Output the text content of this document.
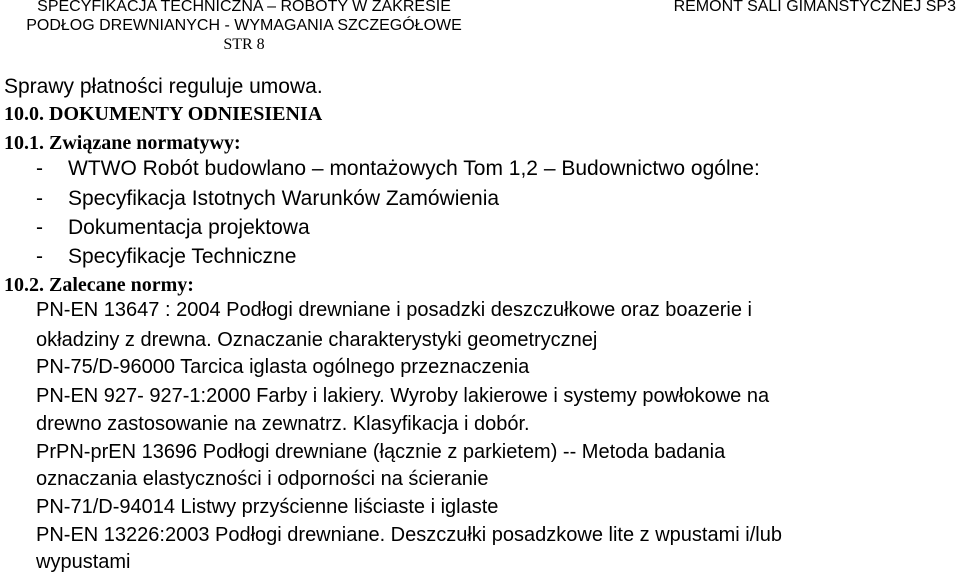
SPECYFIKACJA TECHNICZNA – ROBOTY W ZAKRESIE
PODŁOG DREWNIANYCH - WYMAGANIA SZCZEGÓŁOWE
STR 8
REMONT SALI GIMANSTYCZNEJ SP3
Sprawy płatności reguluje umowa.
10.0. DOKUMENTY ODNIESIENIA
10.1. Związane normatywy:
- WTWO Robót budowlano – montażowych Tom 1,2 – Budownictwo ogólne:
- Specyfikacja Istotnych Warunków Zamówienia
- Dokumentacja projektowa
- Specyfikacje Techniczne
10.2. Zalecane normy:
PN-EN 13647 : 2004 Podłogi drewniane i posadzki deszczułkowe oraz boazerie i
okładziny z drewna. Oznaczanie charakterystyki geometrycznej
PN-75/D-96000 Tarcica iglasta ogólnego przeznaczenia
PN-EN 927- 927-1:2000 Farby i lakiery. Wyroby lakierowe i systemy powłokowe na
drewno zastosowanie na zewnatrz. Klasyfikacja i dobór.
PrPN-prEN 13696 Podłogi drewniane (łącznie z parkietem) -- Metoda badania
oznaczania elastyczności i odporności na ścieranie
PN-71/D-94014 Listwy przyścienne liściaste i iglaste
PN-EN 13226:2003 Podłogi drewniane. Deszczułki posadzkowe lite z wpustami i/lub
wypustami
